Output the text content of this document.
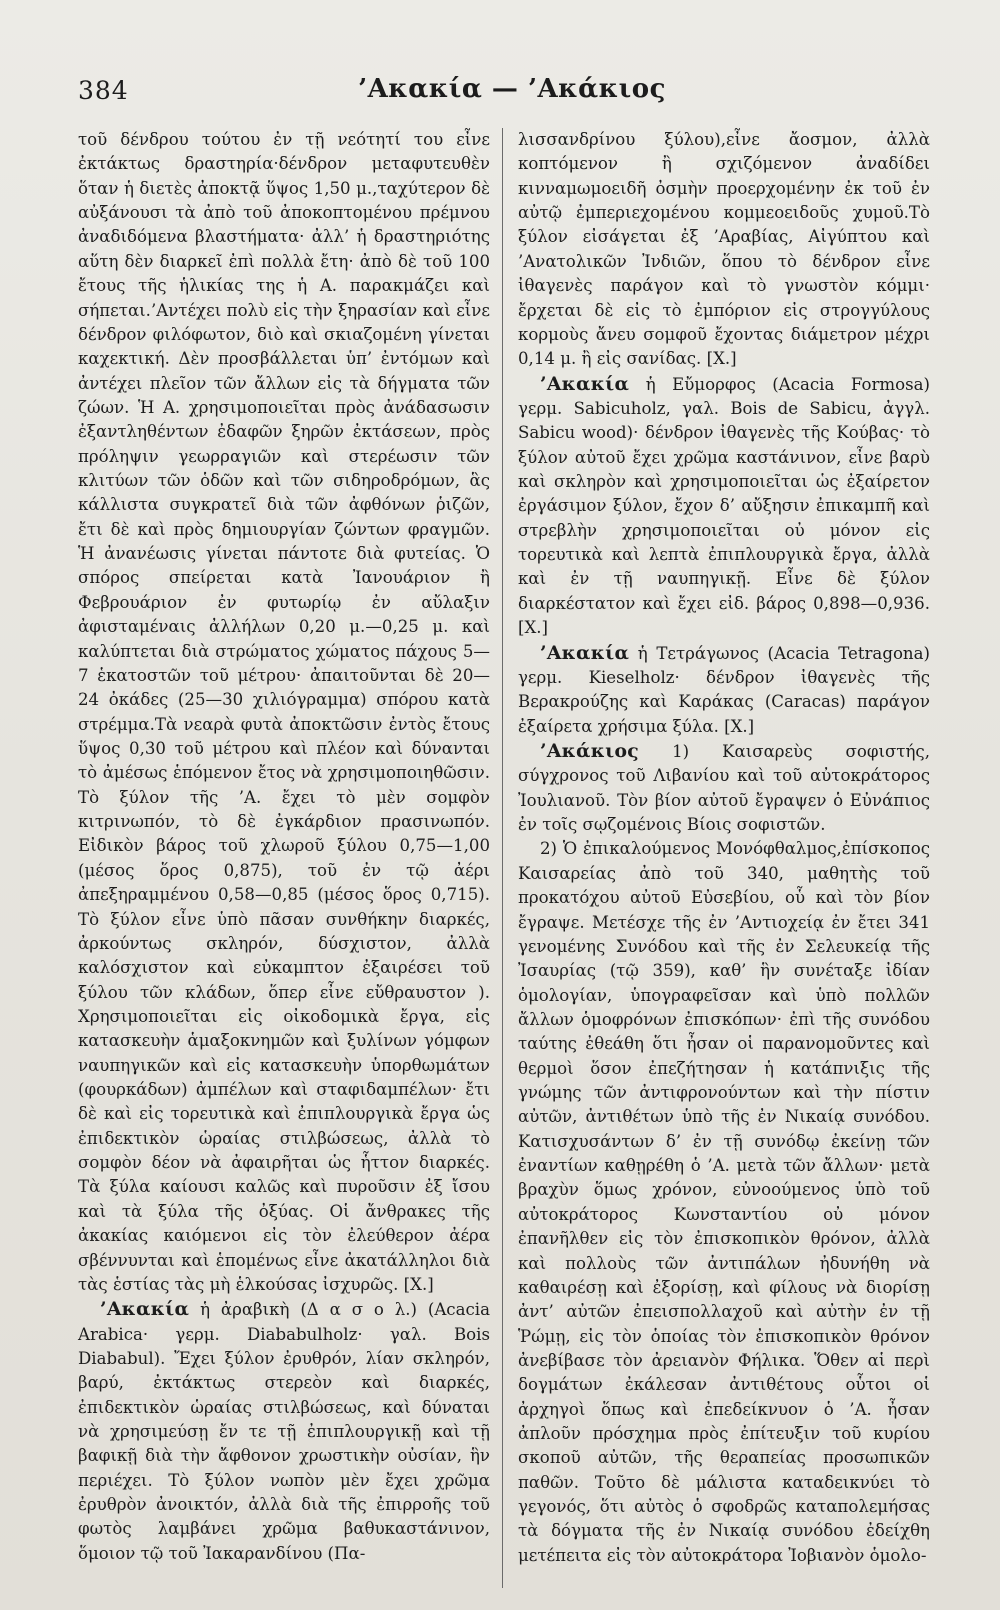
384	’Ακακία — ’Ακάκιος

τοῦ δένδρου τούτου ἐν τῇ νεότητί του εἶνε ἐκτάκτως δραστηρία·δένδρον μεταφυτευθὲν ὅταν ἡ διετὲς ἀποκτᾷ ὕψος 1,50 μ.,ταχύτερον δὲ αὐξάνουσι τὰ ἀπὸ τοῦ ἀποκοπτομένου πρέμνου ἀναδιδόμενα βλαστήματα· ἀλλ’ ἡ δραστηριότης αὕτη δὲν διαρκεῖ ἐπὶ πολλὰ ἔτη· ἀπὸ δὲ τοῦ 100 ἔτους τῆς ἡλικίας της ἡ Α. παρακμάζει καὶ σήπεται.’Αντέχει πολὺ εἰς τὴν ξηρασίαν καὶ εἶνε δένδρον φιλόφωτον, διὸ καὶ σκιαζομένη γίνεται καχεκτική. Δὲν προσβάλλεται ὑπ’ ἐντόμων καὶ ἀντέχει πλεῖον τῶν ἄλλων εἰς τὰ δήγματα τῶν ζώων. Ἡ Α. χρησιμοποιεῖται πρὸς ἀνάδασωσιν ἐξαντληθέντων ἐδαφῶν ξηρῶν ἐκτάσεων, πρὸς πρόληψιν γεωρραγιῶν καὶ στερέωσιν τῶν κλιτύων τῶν ὁδῶν καὶ τῶν σιδηροδρόμων, ἃς κάλλιστα συγκρατεῖ διὰ τῶν ἀφθόνων ῥιζῶν, ἔτι δὲ καὶ πρὸς δημιουργίαν ζώντων φραγμῶν. Ἡ ἀνανέωσις γίνεται πάντοτε διὰ φυτείας. Ὁ σπόρος σπείρεται κατὰ Ἰανουάριον ἢ Φεβρουάριον ἐν φυτωρίῳ ἐν αὔλαξιν ἀφισταμέναις ἀλλήλων 0,20 μ.—0,25 μ. καὶ καλύπτεται διὰ στρώματος χώματος πάχους 5—7 ἑκατοστῶν τοῦ μέτρου· ἀπαιτοῦνται δὲ 20—24 ὀκάδες (25—30 χιλιόγραμμα) σπόρου κατὰ στρέμμα.Τὰ νεαρὰ φυτὰ ἀποκτῶσιν ἐντὸς ἔτους ὕψος 0,30 τοῦ μέτρου καὶ πλέον καὶ δύνανται τὸ ἀμέσως ἑπόμενον ἔτος νὰ χρησιμοποιηθῶσιν. Τὸ ξύλον τῆς ’Α. ἔχει τὸ μὲν σομφὸν κιτρινωπόν, τὸ δὲ ἐγκάρδιον πρασινωπόν. Εἰδικὸν βάρος τοῦ χλωροῦ ξύλου 0,75—1,00 (μέσος ὅρος 0,875), τοῦ ἐν τῷ ἀέρι ἀπεξηραμμένου 0,58—0,85 (μέσος ὅρος 0,715). Τὸ ξύλον εἶνε ὑπὸ πᾶσαν συνθήκην διαρκές, ἀρκούντως σκληρόν, δύσχιστον, ἀλλὰ καλόσχιστον καὶ εὐκαμπτον ἐξαιρέσει τοῦ ξύλου τῶν κλάδων, ὅπερ εἶνε εὔθραυστον ). Χρησιμοποιεῖται εἰς οἰκοδομικὰ ἔργα, εἰς κατασκευὴν ἁμαξοκνημῶν καὶ ξυλίνων γόμφων ναυπηγικῶν καὶ εἰς κατασκευὴν ὑπορθωμάτων (φουρκάδων) ἀμπέλων καὶ σταφιδαμπέλων· ἔτι δὲ καὶ εἰς τορευτικὰ καὶ ἐπιπλουργικὰ ἔργα ὡς ἐπιδεκτικὸν ὡραίας στιλβώσεως, ἀλλὰ τὸ σομφὸν δέον νὰ ἀφαιρῆται ὡς ἧττον διαρκές. Τὰ ξύλα καίουσι καλῶς καὶ πυροῦσιν ἐξ ἴσου καὶ τὰ ξύλα τῆς ὀξύας. Οἱ ἄνθρακες τῆς ἀκακίας καιόμενοι εἰς τὸν ἐλεύθερον ἀέρα σβέννυνται καὶ ἑπομένως εἶνε ἀκατάλληλοι διὰ τὰς ἑστίας τὰς μὴ ἑλκούσας ἰσχυρῶς. [Χ.]

’Ακακία ἡ ἀραβικὴ (Δ α σ ο λ.) (Acacia Arabica· γερμ. Diababulholz· γαλ. Bois Diababul). Ἔχει ξύλον ἐρυθρόν, λίαν σκληρόν, βαρύ, ἐκτάκτως στερεὸν καὶ διαρκές, ἐπιδεκτικὸν ὡραίας στιλβώσεως, καὶ δύναται νὰ χρησιμεύσῃ ἔν τε τῇ ἐπιπλουργικῇ καὶ τῇ βαφικῇ διὰ τὴν ἄφθονον χρωστικὴν οὐσίαν, ἣν περιέχει. Τὸ ξύλον νωπὸν μὲν ἔχει χρῶμα ἐρυθρὸν ἀνοικτόν, ἀλλὰ διὰ τῆς ἐπιρροῆς τοῦ φωτὸς λαμβάνει χρῶμα βαθυκαστάνινον, ὅμοιον τῷ τοῦ Ἰακαρανδίνου (Πα-

λισσανδρίνου ξύλου),εἶνε ἄοσμον, ἀλλὰ κοπτόμενον ἢ σχιζόμενον ἀναδίδει κινναμωμοειδῆ ὀσμὴν προερχομένην ἐκ τοῦ ἐν αὐτῷ ἐμπεριεχομένου κομμεοειδοῦς χυμοῦ.Τὸ ξύλον εἰσάγεται ἐξ ’Αραβίας, Αἰγύπτου καὶ ’Ανατολικῶν Ἰνδιῶν, ὅπου τὸ δένδρον εἶνε ἰθαγενὲς παράγον καὶ τὸ γνωστὸν κόμμι· ἔρχεται δὲ εἰς τὸ ἐμπόριον εἰς στρογγύλους κορμοὺς ἄνευ σομφοῦ ἔχοντας διάμετρον μέχρι 0,14 μ. ἢ εἰς σανίδας. [Χ.]

’Ακακία ἡ Εὔμορφος (Acacia Formosa) γερμ. Sabicuholz, γαλ. Bois de Sabicu, ἀγγλ. Sabicu wood)· δένδρον ἰθαγενὲς τῆς Κούβας· τὸ ξύλον αὐτοῦ ἔχει χρῶμα καστάνινον, εἶνε βαρὺ καὶ σκληρὸν καὶ χρησιμοποιεῖται ὡς ἐξαίρετον ἐργάσιμον ξύλον, ἔχον δ’ αὔξησιν ἐπικαμπῆ καὶ στρεβλὴν χρησιμοποιεῖται οὐ μόνον εἰς τορευτικὰ καὶ λεπτὰ ἐπιπλουργικὰ ἔργα, ἀλλὰ καὶ ἐν τῇ ναυπηγικῇ. Εἶνε δὲ ξύλον διαρκέστατον καὶ ἔχει εἰδ. βάρος 0,898—0,936. [Χ.]

’Ακακία ἡ Τετράγωνος (Acacia Tetragona) γερμ. Kieselholz· δένδρον ἰθαγενὲς τῆς Βερακρούζης καὶ Καράκας (Caracas) παράγον ἐξαίρετα χρήσιμα ξύλα. [Χ.]

’Ακάκιος 1) Καισαρεὺς σοφιστής, σύγχρονος τοῦ Λιβανίου καὶ τοῦ αὐτοκράτορος Ἰουλιανοῦ. Τὸν βίον αὐτοῦ ἔγραψεν ὁ Εὐνάπιος ἐν τοῖς σῳζομένοις Βίοις σοφιστῶν.

2) Ὁ ἐπικαλούμενος Μονόφθαλμος,ἐπίσκοπος Καισαρείας ἀπὸ τοῦ 340, μαθητὴς τοῦ προκατόχου αὐτοῦ Εὐσεβίου, οὗ καὶ τὸν βίον ἔγραψε. Μετέσχε τῆς ἐν ’Αντιοχείᾳ ἐν ἔτει 341 γενομένης Συνόδου καὶ τῆς ἐν Σελευκείᾳ τῆς Ἰσαυρίας (τῷ 359), καθ’ ἣν συνέταξε ἰδίαν ὁμολογίαν, ὑπογραφεῖσαν καὶ ὑπὸ πολλῶν ἄλλων ὁμοφρόνων ἐπισκόπων· ἐπὶ τῆς συνόδου ταύτης ἐθεάθη ὅτι ἦσαν οἱ παρανομοῦντες καὶ θερμοὶ ὅσον ἐπεζήτησαν ἡ κατάπνιξις τῆς γνώμης τῶν ἀντιφρονούντων καὶ τὴν πίστιν αὐτῶν, ἀντιθέτων ὑπὸ τῆς ἐν Νικαίᾳ συνόδου. Κατισχυσάντων δ’ ἐν τῇ συνόδῳ ἐκείνῃ τῶν ἐναντίων καθῃρέθη ὁ ’Α. μετὰ τῶν ἄλλων· μετὰ βραχὺν ὅμως χρόνον, εὐνοούμενος ὑπὸ τοῦ αὐτοκράτορος Κωνσταντίου οὐ μόνον ἐπανῆλθεν εἰς τὸν ἐπισκοπικὸν θρόνον, ἀλλὰ καὶ πολλοὺς τῶν ἀντιπάλων ἠδυνήθη νὰ καθαιρέσῃ καὶ ἐξορίσῃ, καὶ φίλους νὰ διορίσῃ ἀντ’ αὐτῶν ἐπεισπολλαχοῦ καὶ αὐτὴν ἐν τῇ Ῥώμῃ, εἰς τὸν ὁποίας τὸν ἐπισκοπικὸν θρόνον ἀνεβίβασε τὸν ἀρειανὸν Φήλικα. Ὅθεν αἱ περὶ δογμάτων ἐκάλεσαν ἀντιθέτους οὗτοι οἱ ἀρχηγοὶ ὅπως καὶ ἐπεδείκνυον ὁ ’Α. ἦσαν ἀπλοῦν πρόσχημα πρὸς ἐπίτευξιν τοῦ κυρίου σκοποῦ αὐτῶν, τῆς θεραπείας προσωπικῶν παθῶν. Τοῦτο δὲ μάλιστα καταδεικνύει τὸ γεγονός, ὅτι αὐτὸς ὁ σφοδρῶς καταπολεμήσας τὰ δόγματα τῆς ἐν Νικαίᾳ συνόδου ἐδείχθη μετέπειτα εἰς τὸν αὐτοκράτορα Ἰοβιανὸν ὁμολο-
